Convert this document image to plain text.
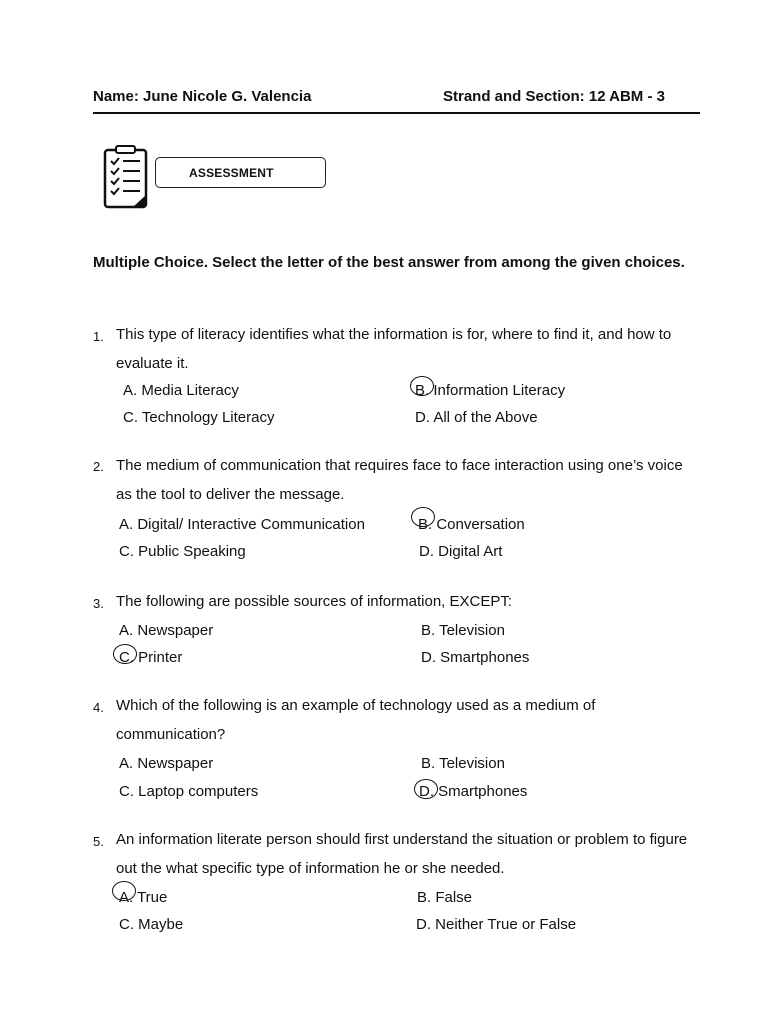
Name: June Nicole G. Valencia	Strand and Section: 12 ABM - 3
ASSESSMENT
Multiple Choice. Select the letter of the best answer from among the given choices.
1. This type of literacy identifies what the information is for, where to find it, and how to evaluate it.
A. Media Literacy	B. Information Literacy
C. Technology Literacy	D. All of the Above
2. The medium of communication that requires face to face interaction using one’s voice as the tool to deliver the message.
A. Digital/ Interactive Communication	B. Conversation
C. Public Speaking	D. Digital Art
3. The following are possible sources of information, EXCEPT:
A. Newspaper	B. Television
C. Printer	D. Smartphones
4. Which of the following is an example of technology used as a medium of communication?
A. Newspaper	B. Television
C. Laptop computers	D. Smartphones
5. An information literate person should first understand the situation or problem to figure out the what specific type of information he or she needed.
A. True	B. False
C. Maybe	D. Neither True or False
